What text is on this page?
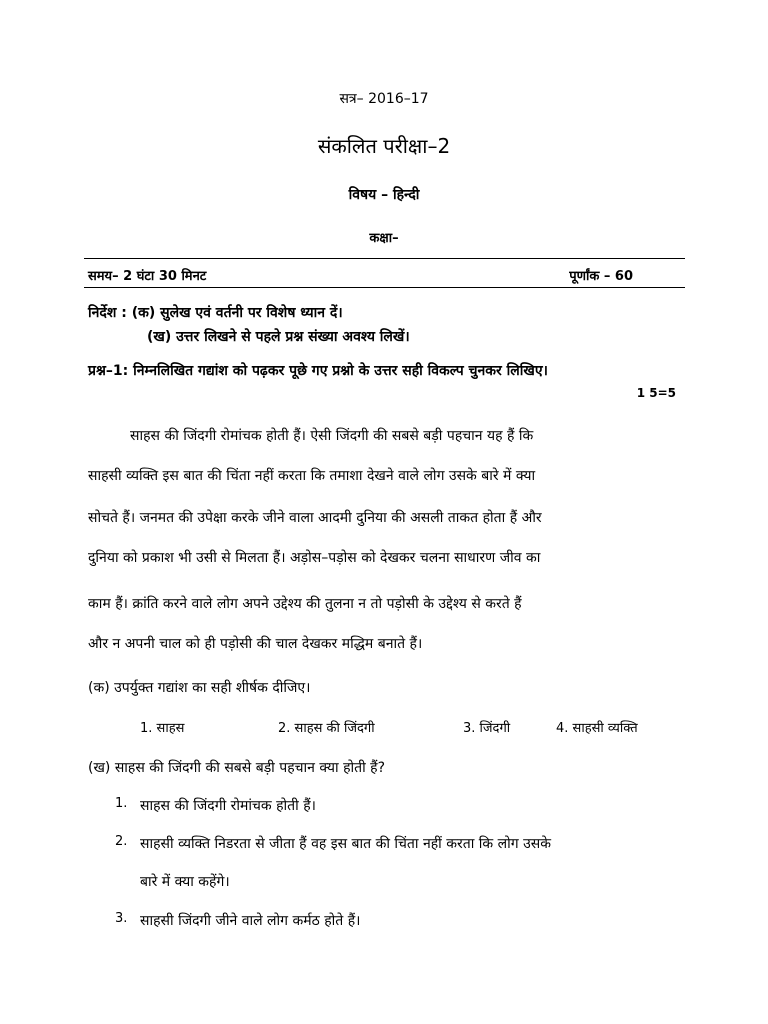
सत्र– 2016–17
संकलित परीक्षा–2
विषय – हिन्दी
कक्षा–
समय– 2 घंटा 30 मिनट	पूर्णांक – 60
निर्देश : (क) सुलेख एवं वर्तनी पर विशेष ध्यान दें।
(ख) उत्तर लिखने से पहले प्रश्न संख्या अवश्य लिखें।
प्रश्न–1: निम्नलिखित गद्यांश को पढ़कर पूछे गए प्रश्नो के उत्तर सही विकल्प चुनकर लिखिए।
1 5=5
साहस की जिंदगी रोमांचक होती हैं। ऐसी जिंदगी की सबसे बड़ी पहचान यह हैं कि
साहसी व्यक्ति इस बात की चिंता नहीं करता कि तमाशा देखने वाले लोग उसके बारे में क्या
सोचते हैं। जनमत की उपेक्षा करके जीने वाला आदमी दुनिया की असली ताकत होता हैं और
दुनिया को प्रकाश भी उसी से मिलता हैं। अड़ोस–पड़ोस को देखकर चलना साधारण जीव का
काम हैं। क्रांति करने वाले लोग अपने उद्देश्य की तुलना न तो पड़ोसी के उद्देश्य से करते हैं
और न अपनी चाल को ही पड़ोसी की चाल देखकर मद्धिम बनाते हैं।
(क) उपर्युक्त गद्यांश का सही शीर्षक दीजिए।
1. साहस	2. साहस की जिंदगी	3. जिंदगी	4. साहसी व्यक्ति
(ख) साहस की जिंदगी की सबसे बड़ी पहचान क्या होती हैं?
1. साहस की जिंदगी रोमांचक होती हैं।
2. साहसी व्यक्ति निडरता से जीता हैं वह इस बात की चिंता नहीं करता कि लोग उसके
बारे में क्या कहेंगे।
3. साहसी जिंदगी जीने वाले लोग कर्मठ होते हैं।
